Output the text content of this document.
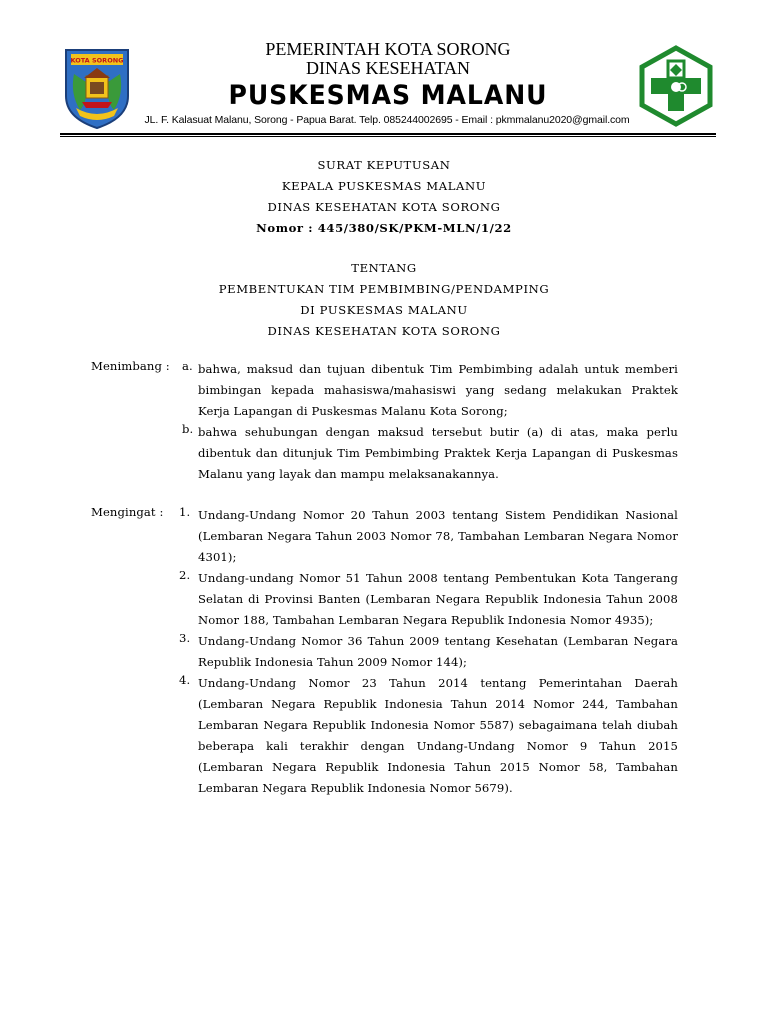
KOTA SORONG
PEMERINTAH KOTA SORONG
DINAS KESEHATAN
PUSKESMAS MALANU
JL. F. Kalasuat Malanu, Sorong - Papua Barat. Telp. 085244002695 - Email : pkmmalanu2020@gmail.com
SURAT KEPUTUSAN
KEPALA PUSKESMAS MALANU
DINAS KESEHATAN KOTA SORONG
Nomor : 445/380/SK/PKM-MLN/1/22
TENTANG
PEMBENTUKAN TIM PEMBIMBING/PENDAMPING
DI PUSKESMAS MALANU
DINAS KESEHATAN KOTA SORONG
Menimbang : a. bahwa, maksud dan tujuan dibentuk Tim Pembimbing adalah untuk memberi bimbingan kepada mahasiswa/mahasiswi yang sedang melakukan Praktek Kerja Lapangan di Puskesmas Malanu Kota Sorong;
b. bahwa sehubungan dengan maksud tersebut butir (a) di atas, maka perlu dibentuk dan ditunjuk Tim Pembimbing Praktek Kerja Lapangan di Puskesmas Malanu yang layak dan mampu melaksanakannya.
Mengingat : 1. Undang-Undang Nomor 20 Tahun 2003 tentang Sistem Pendidikan Nasional (Lembaran Negara Tahun 2003 Nomor 78, Tambahan Lembaran Negara Nomor 4301);
2. Undang-undang Nomor 51 Tahun 2008 tentang Pembentukan Kota Tangerang Selatan di Provinsi Banten (Lembaran Negara Republik Indonesia Tahun 2008 Nomor 188, Tambahan Lembaran Negara Republik Indonesia Nomor 4935);
3. Undang-Undang Nomor 36 Tahun 2009 tentang Kesehatan (Lembaran Negara Republik Indonesia Tahun 2009 Nomor 144);
4. Undang-Undang Nomor 23 Tahun 2014 tentang Pemerintahan Daerah (Lembaran Negara Republik Indonesia Tahun 2014 Nomor 244, Tambahan Lembaran Negara Republik Indonesia Nomor 5587) sebagaimana telah diubah beberapa kali terakhir dengan Undang-Undang Nomor 9 Tahun 2015 (Lembaran Negara Republik Indonesia Tahun 2015 Nomor 58, Tambahan Lembaran Negara Republik Indonesia Nomor 5679).
